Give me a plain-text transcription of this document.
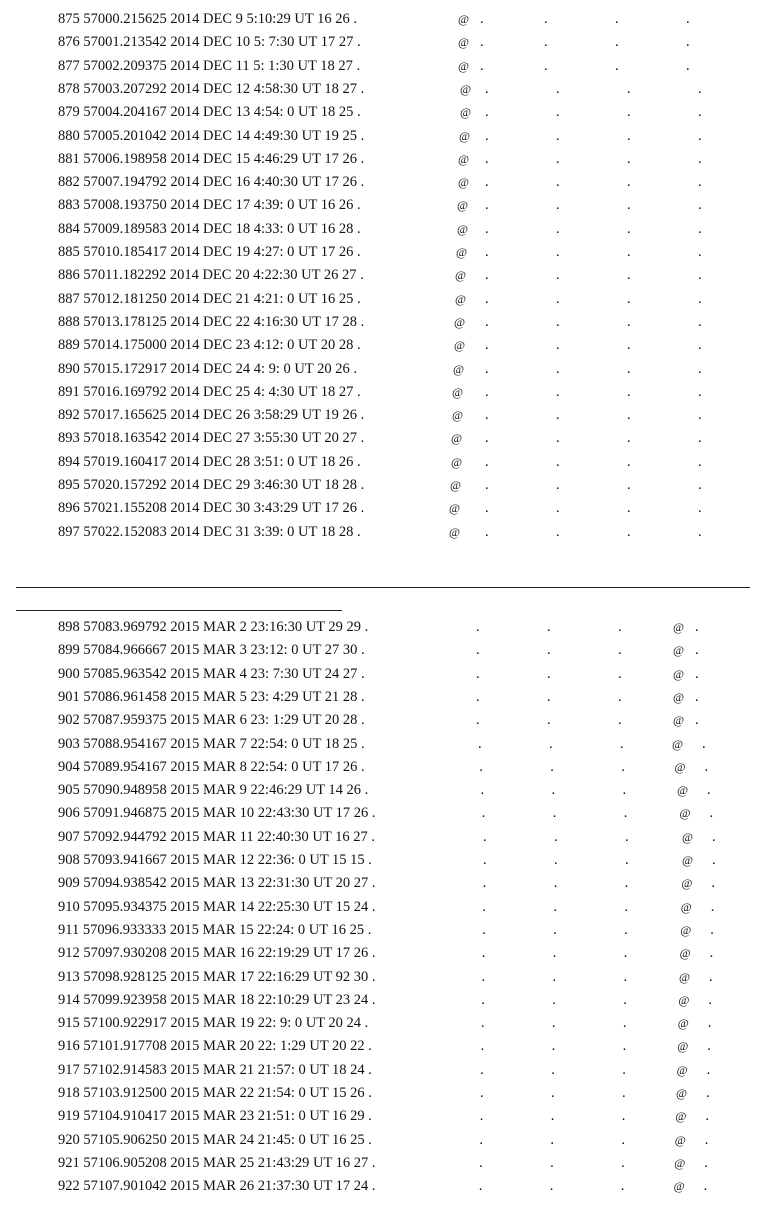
875 57000.215625 2014 DEC 9 5:10:29 UT 16 26 .	@   .	.	.	.
876 57001.213542 2014 DEC 10 5: 7:30 UT 17 27 .	@   .	.	.	.
877 57002.209375 2014 DEC 11 5: 1:30 UT 18 27 .	@   .	.	.	.
878 57003.207292 2014 DEC 12 4:58:30 UT 18 27 .	@ .	.	.	.
879 57004.204167 2014 DEC 13 4:54: 0 UT 18 25 .	@ .	.	.	.
880 57005.201042 2014 DEC 14 4:49:30 UT 19 25 .	@ .	.	.	.
881 57006.198958 2014 DEC 15 4:46:29 UT 17 26 .	@ .	.	.	.
882 57007.194792 2014 DEC 16 4:40:30 UT 17 26 .	@ .	.	.	.
883 57008.193750 2014 DEC 17 4:39: 0 UT 16 26 .	@ .	.	.	.
884 57009.189583 2014 DEC 18 4:33: 0 UT 16 28 .	@ .	.	.	.
885 57010.185417 2014 DEC 19 4:27: 0 UT 17 26 .	@ .	.	.	.
886 57011.182292 2014 DEC 20 4:22:30 UT 26 27 .	@ .	.	.	.
887 57012.181250 2014 DEC 21 4:21: 0 UT 16 25 .	@ .	.	.	.
888 57013.178125 2014 DEC 22 4:16:30 UT 17 28 .	@ .	.	.	.
889 57014.175000 2014 DEC 23 4:12: 0 UT 20 28 .	@ .	.	.	.
890 57015.172917 2014 DEC 24 4: 9: 0 UT 20 26 .	@ .	.	.	.
891 57016.169792 2014 DEC 25 4: 4:30 UT 18 27 .	@ .	.	.	.
892 57017.165625 2014 DEC 26 3:58:29 UT 19 26 .	@ .	.	.	.
893 57018.163542 2014 DEC 27 3:55:30 UT 20 27 .	@ .	.	.	.
894 57019.160417 2014 DEC 28 3:51: 0 UT 18 26 .	@ .	.	.	.
895 57020.157292 2014 DEC 29 3:46:30 UT 18 28 .	@ .	.	.	.
896 57021.155208 2014 DEC 30 3:43:29 UT 17 26 .	@ .	.	.	.
897 57022.152083 2014 DEC 31 3:39: 0 UT 18 28 .	@ .	.	.	.
898 57083.969792 2015 MAR 2 23:16:30 UT 29 29 .	.	.	.	@   .
899 57084.966667 2015 MAR 3 23:12: 0 UT 27 30 .	.	.	.	@   .
900 57085.963542 2015 MAR 4 23: 7:30 UT 24 27 .	.	.	.	@   .
901 57086.961458 2015 MAR 5 23: 4:29 UT 21 28 .	.	.	.	@   .
902 57087.959375 2015 MAR 6 23: 1:29 UT 20 28 .	.	.	.	@   .
903 57088.954167 2015 MAR 7 22:54: 0 UT 18 25 .	.	.	.	@ .
904 57089.954167 2015 MAR 8 22:54: 0 UT 17 26 .	.	.	.	@ .
905 57090.948958 2015 MAR 9 22:46:29 UT 14 26 .	.	.	.	@ .
906 57091.946875 2015 MAR 10 22:43:30 UT 17 26 .	.	.	.	@ .
907 57092.944792 2015 MAR 11 22:40:30 UT 16 27 .	.	.	.	@ .
908 57093.941667 2015 MAR 12 22:36: 0 UT 15 15 .	.	.	.	@ .
909 57094.938542 2015 MAR 13 22:31:30 UT 20 27 .	.	.	.	@ .
910 57095.934375 2015 MAR 14 22:25:30 UT 15 24 .	.	.	.	@ .
911 57096.933333 2015 MAR 15 22:24: 0 UT 16 25 .	.	.	.	@ .
912 57097.930208 2015 MAR 16 22:19:29 UT 17 26 .	.	.	.	@ .
913 57098.928125 2015 MAR 17 22:16:29 UT 92 30 .	.	.	.	@ .
914 57099.923958 2015 MAR 18 22:10:29 UT 23 24 .	.	.	.	@ .
915 57100.922917 2015 MAR 19 22: 9: 0 UT 20 24 .	.	.	.	@ .
916 57101.917708 2015 MAR 20 22: 1:29 UT 20 22 .	.	.	.	@ .
917 57102.914583 2015 MAR 21 21:57: 0 UT 18 24 .	.	.	.	@ .
918 57103.912500 2015 MAR 22 21:54: 0 UT 15 26 .	.	.	.	@ .
919 57104.910417 2015 MAR 23 21:51: 0 UT 16 29 .	.	.	.	@ .
920 57105.906250 2015 MAR 24 21:45: 0 UT 16 25 .	.	.	.	@ .
921 57106.905208 2015 MAR 25 21:43:29 UT 16 27 .	.	.	.	@ .
922 57107.901042 2015 MAR 26 21:37:30 UT 17 24 .	.	.	.	@ .
